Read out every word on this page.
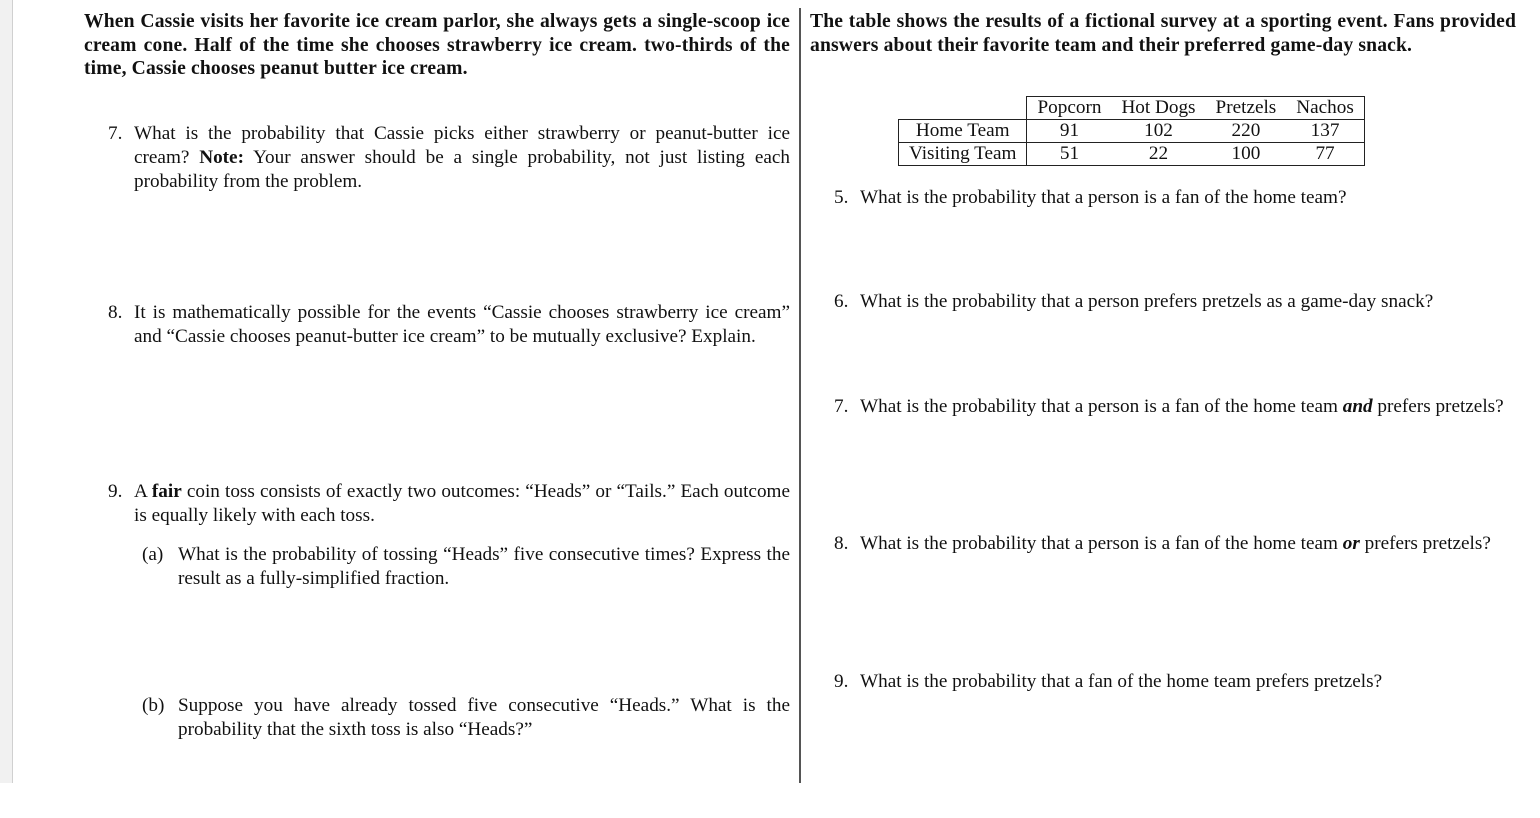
When Cassie visits her favorite ice cream parlor, she always gets a single-scoop ice cream cone. Half of the time she chooses strawberry ice cream. two-thirds of the time, Cassie chooses peanut butter ice cream.

7. What is the probability that Cassie picks either strawberry or peanut-butter ice cream? Note: Your answer should be a single probability, not just listing each probability from the problem.
8. It is mathematically possible for the events “Cassie chooses strawberry ice cream” and “Cassie chooses peanut-butter ice cream” to be mutually exclusive? Explain.
9. A fair coin toss consists of exactly two outcomes: “Heads” or “Tails.” Each outcome is equally likely with each toss.
(a) What is the probability of tossing “Heads” five consecutive times? Express the result as a fully-simplified fraction.
(b) Suppose you have already tossed five consecutive “Heads.” What is the probability that the sixth toss is also “Heads?”

The table shows the results of a fictional survey at a sporting event. Fans provided answers about their favorite team and their preferred game-day snack.

	Popcorn	Hot Dogs	Pretzels	Nachos
Home Team	91	102	220	137
Visiting Team	51	22	100	77
5. What is the probability that a person is a fan of the home team?
6. What is the probability that a person prefers pretzels as a game-day snack?
7. What is the probability that a person is a fan of the home team and prefers pretzels?
8. What is the probability that a person is a fan of the home team or prefers pretzels?
9. What is the probability that a fan of the home team prefers pretzels?
